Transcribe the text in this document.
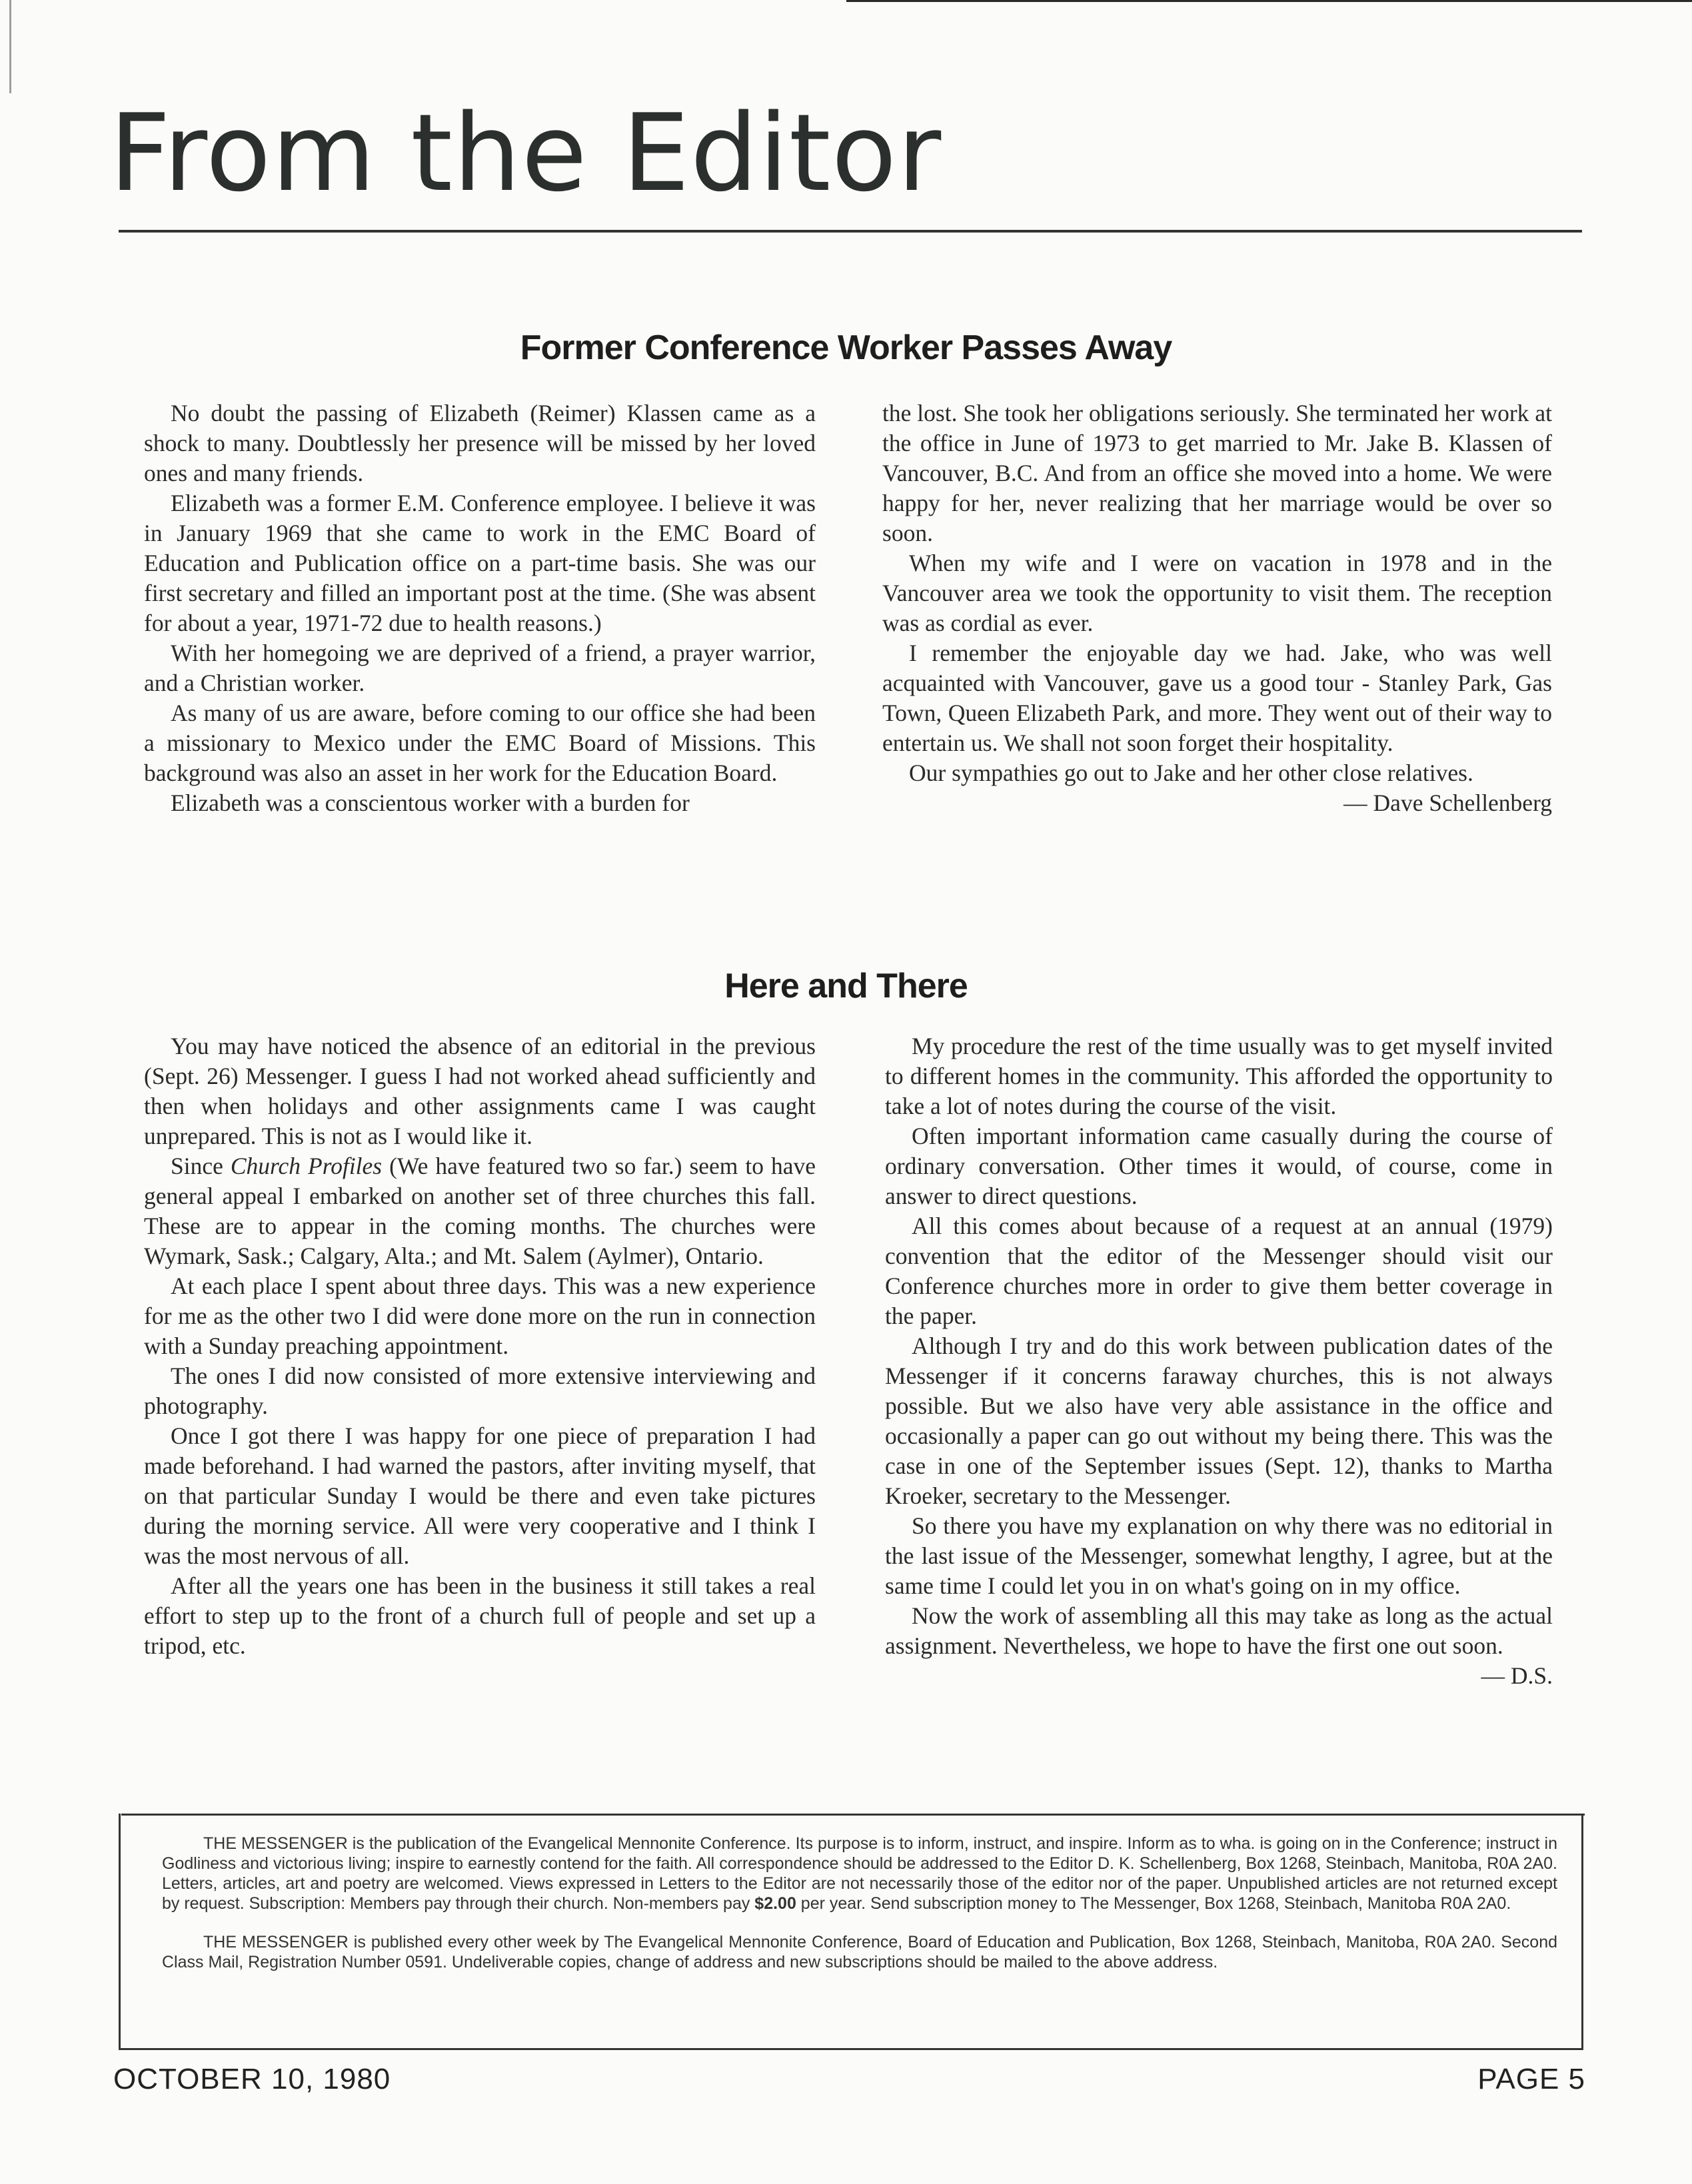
From the Editor
Former Conference Worker Passes Away

No doubt the passing of Elizabeth (Reimer) Klassen came as a shock to many. Doubtlessly her presence will be missed by her loved ones and many friends.

Elizabeth was a former E.M. Conference employee. I believe it was in January 1969 that she came to work in the EMC Board of Education and Publication office on a part-time basis. She was our first secretary and filled an important post at the time. (She was absent for about a year, 1971-72 due to health reasons.)

With her homegoing we are deprived of a friend, a prayer warrior, and a Christian worker.

As many of us are aware, before coming to our office she had been a missionary to Mexico under the EMC Board of Missions. This background was also an asset in her work for the Education Board.

Elizabeth was a conscientous worker with a burden for

the lost. She took her obligations seriously. She terminated her work at the office in June of 1973 to get married to Mr. Jake B. Klassen of Vancouver, B.C. And from an office she moved into a home. We were happy for her, never realizing that her marriage would be over so soon.

When my wife and I were on vacation in 1978 and in the Vancouver area we took the opportunity to visit them. The reception was as cordial as ever.

I remember the enjoyable day we had. Jake, who was well acquainted with Vancouver, gave us a good tour - Stanley Park, Gas Town, Queen Elizabeth Park, and more. They went out of their way to entertain us. We shall not soon forget their hospitality.

Our sympathies go out to Jake and her other close relatives.

— Dave Schellenberg

Here and There

You may have noticed the absence of an editorial in the previous (Sept. 26) Messenger. I guess I had not worked ahead sufficiently and then when holidays and other assignments came I was caught unprepared. This is not as I would like it.

Since Church Profiles (We have featured two so far.) seem to have general appeal I embarked on another set of three churches this fall. These are to appear in the coming months. The churches were Wymark, Sask.; Calgary, Alta.; and Mt. Salem (Aylmer), Ontario.

At each place I spent about three days. This was a new experience for me as the other two I did were done more on the run in connection with a Sunday preaching appointment.

The ones I did now consisted of more extensive interviewing and photography.

Once I got there I was happy for one piece of preparation I had made beforehand. I had warned the pastors, after inviting myself, that on that particular Sunday I would be there and even take pictures during the morning service. All were very cooperative and I think I was the most nervous of all.

After all the years one has been in the business it still takes a real effort to step up to the front of a church full of people and set up a tripod, etc.

My procedure the rest of the time usually was to get myself invited to different homes in the community. This afforded the opportunity to take a lot of notes during the course of the visit.

Often important information came casually during the course of ordinary conversation. Other times it would, of course, come in answer to direct questions.

All this comes about because of a request at an annual (1979) convention that the editor of the Messenger should visit our Conference churches more in order to give them better coverage in the paper.

Although I try and do this work between publication dates of the Messenger if it concerns faraway churches, this is not always possible. But we also have very able assistance in the office and occasionally a paper can go out without my being there. This was the case in one of the September issues (Sept. 12), thanks to Martha Kroeker, secretary to the Messenger.

So there you have my explanation on why there was no editorial in the last issue of the Messenger, somewhat lengthy, I agree, but at the same time I could let you in on what's going on in my office.

Now the work of assembling all this may take as long as the actual assignment. Nevertheless, we hope to have the first one out soon.
— D.S.

THE MESSENGER is the publication of the Evangelical Mennonite Conference. Its purpose is to inform, instruct, and inspire. Inform as to wha. is going on in the Conference; instruct in Godliness and victorious living; inspire to earnestly contend for the faith. All correspondence should be addressed to the Editor D. K. Schellenberg, Box 1268, Steinbach, Manitoba, R0A 2A0. Letters, articles, art and poetry are welcomed. Views expressed in Letters to the Editor are not necessarily those of the editor nor of the paper. Unpublished articles are not returned except by request. Subscription: Members pay through their church. Non-members pay $2.00 per year. Send subscription money to The Messenger, Box 1268, Steinbach, Manitoba R0A 2A0.

THE MESSENGER is published every other week by The Evangelical Mennonite Conference, Board of Education and Publication, Box 1268, Steinbach, Manitoba, R0A 2A0. Second Class Mail, Registration Number 0591. Undeliverable copies, change of address and new subscriptions should be mailed to the above address.

OCTOBER 10, 1980	PAGE 5
